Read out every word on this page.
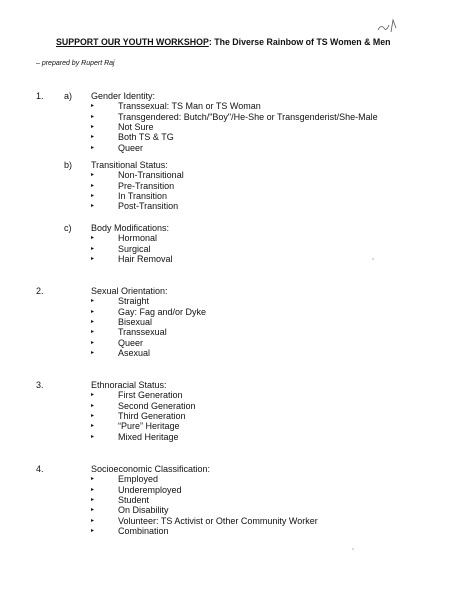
SUPPORT OUR YOUTH WORKSHOP: The Diverse Rainbow of TS Women & Men
– prepared by Rupert Raj
1. a) Gender Identity:
▸	Transsexual: TS Man or TS Woman
▸	Transgendered: Butch/"Boy"/He-She or Transgenderist/She-Male
▸	Not Sure
▸	Both TS & TG
▸	Queer
b) Transitional Status:
▸	Non-Transitional
▸	Pre-Transition
▸	In Transition
▸	Post-Transition
c) Body Modifications:
▸	Hormonal
▸	Surgical
▸	Hair Removal
2.	Sexual Orientation:
▸	Straight
▸	Gay: Fag and/or Dyke
▸	Bisexual
▸	Transsexual
▸	Queer
▸	Asexual
3.	Ethnoracial Status:
▸	First Generation
▸	Second Generation
▸	Third Generation
▸	“Pure” Heritage
▸	Mixed Heritage
4.	Socioeconomic Classification:
▸	Employed
▸	Underemployed
▸	Student
▸	On Disability
▸	Volunteer: TS Activist or Other Community Worker
▸	Combination
